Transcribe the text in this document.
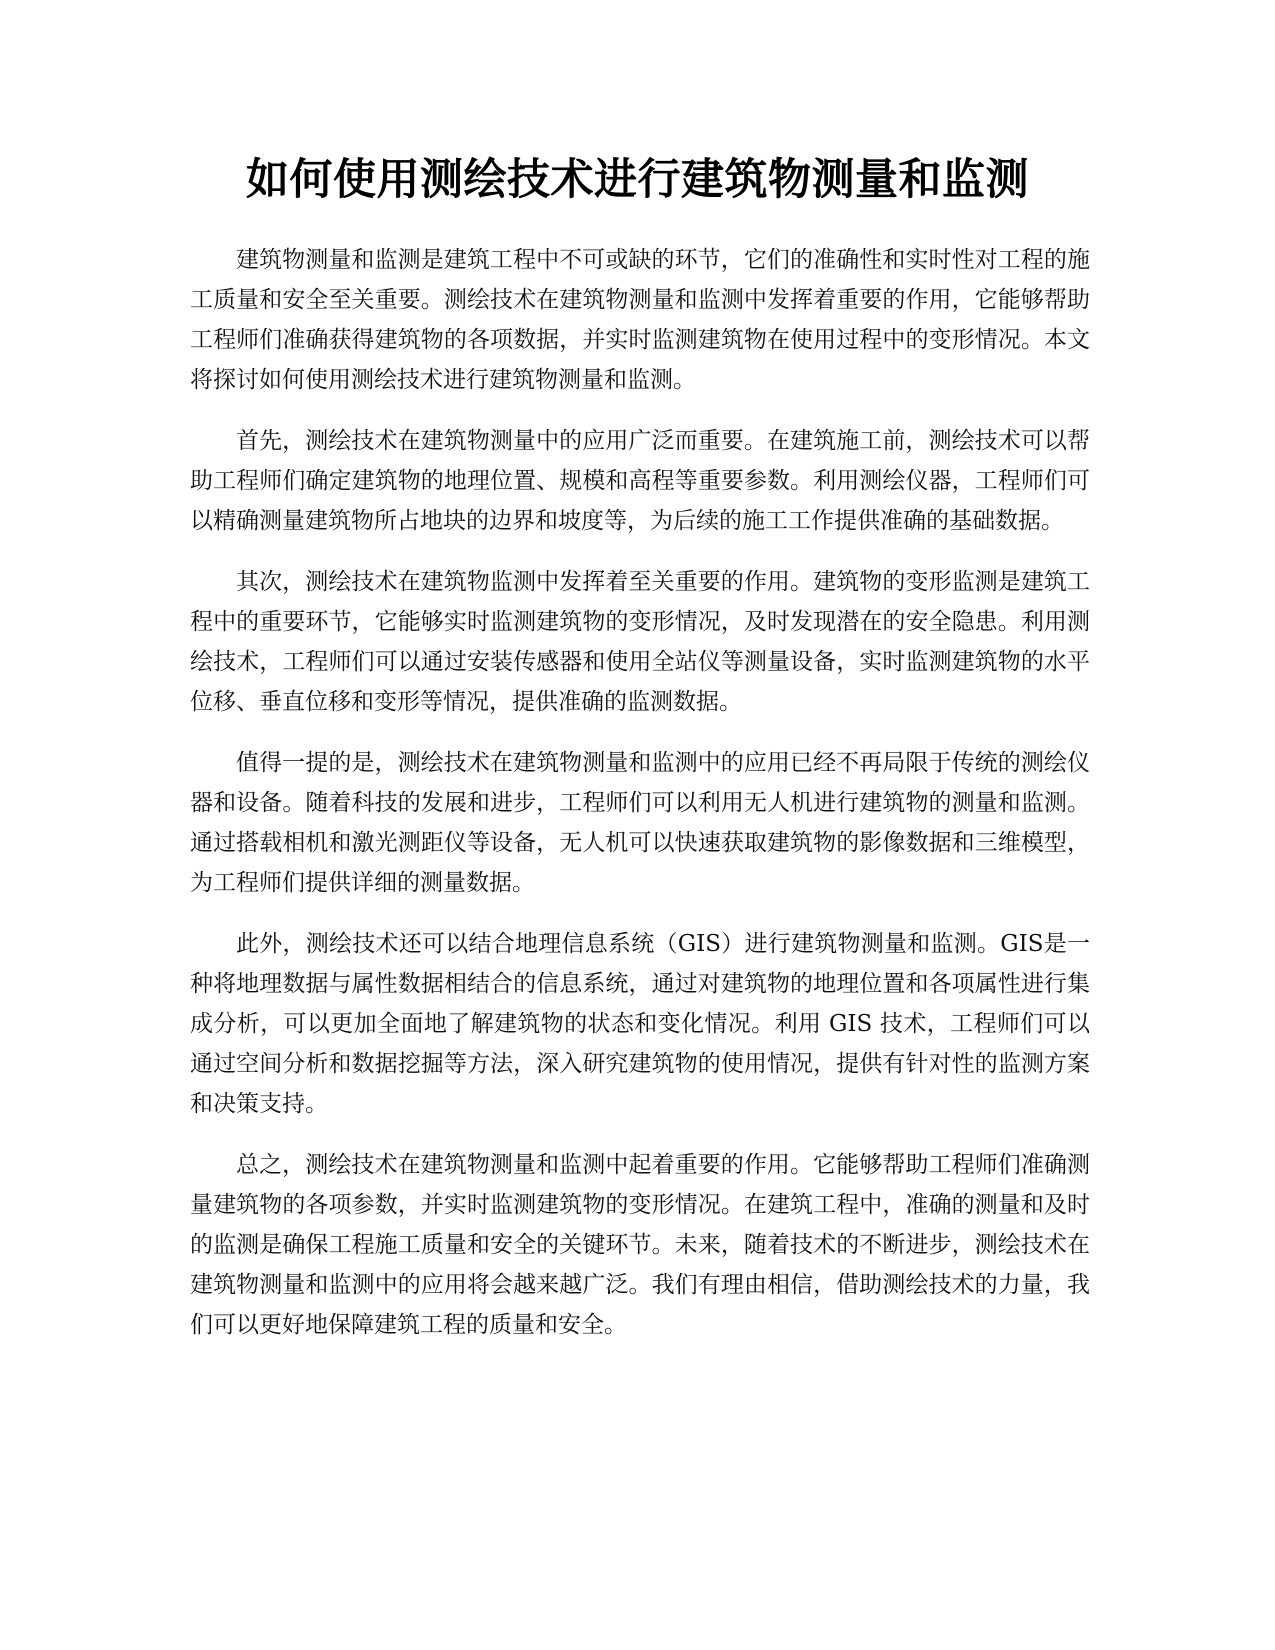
如何使用测绘技术进行建筑物测量和监测

建筑物测量和监测是建筑工程中不可或缺的环节，它们的准确性和实时性对工程的施工质量和安全至关重要。测绘技术在建筑物测量和监测中发挥着重要的作用，它能够帮助工程师们准确获得建筑物的各项数据，并实时监测建筑物在使用过程中的变形情况。本文将探讨如何使用测绘技术进行建筑物测量和监测。

首先，测绘技术在建筑物测量中的应用广泛而重要。在建筑施工前，测绘技术可以帮助工程师们确定建筑物的地理位置、规模和高程等重要参数。利用测绘仪器，工程师们可以精确测量建筑物所占地块的边界和坡度等，为后续的施工工作提供准确的基础数据。

其次，测绘技术在建筑物监测中发挥着至关重要的作用。建筑物的变形监测是建筑工程中的重要环节，它能够实时监测建筑物的变形情况，及时发现潜在的安全隐患。利用测绘技术，工程师们可以通过安装传感器和使用全站仪等测量设备，实时监测建筑物的水平位移、垂直位移和变形等情况，提供准确的监测数据。

值得一提的是，测绘技术在建筑物测量和监测中的应用已经不再局限于传统的测绘仪器和设备。随着科技的发展和进步，工程师们可以利用无人机进行建筑物的测量和监测。通过搭载相机和激光测距仪等设备，无人机可以快速获取建筑物的影像数据和三维模型，为工程师们提供详细的测量数据。

此外，测绘技术还可以结合地理信息系统（GIS）进行建筑物测量和监测。GIS是一种将地理数据与属性数据相结合的信息系统，通过对建筑物的地理位置和各项属性进行集成分析，可以更加全面地了解建筑物的状态和变化情况。利用 GIS 技术，工程师们可以通过空间分析和数据挖掘等方法，深入研究建筑物的使用情况，提供有针对性的监测方案和决策支持。

总之，测绘技术在建筑物测量和监测中起着重要的作用。它能够帮助工程师们准确测量建筑物的各项参数，并实时监测建筑物的变形情况。在建筑工程中，准确的测量和及时的监测是确保工程施工质量和安全的关键环节。未来，随着技术的不断进步，测绘技术在建筑物测量和监测中的应用将会越来越广泛。我们有理由相信，借助测绘技术的力量，我们可以更好地保障建筑工程的质量和安全。
